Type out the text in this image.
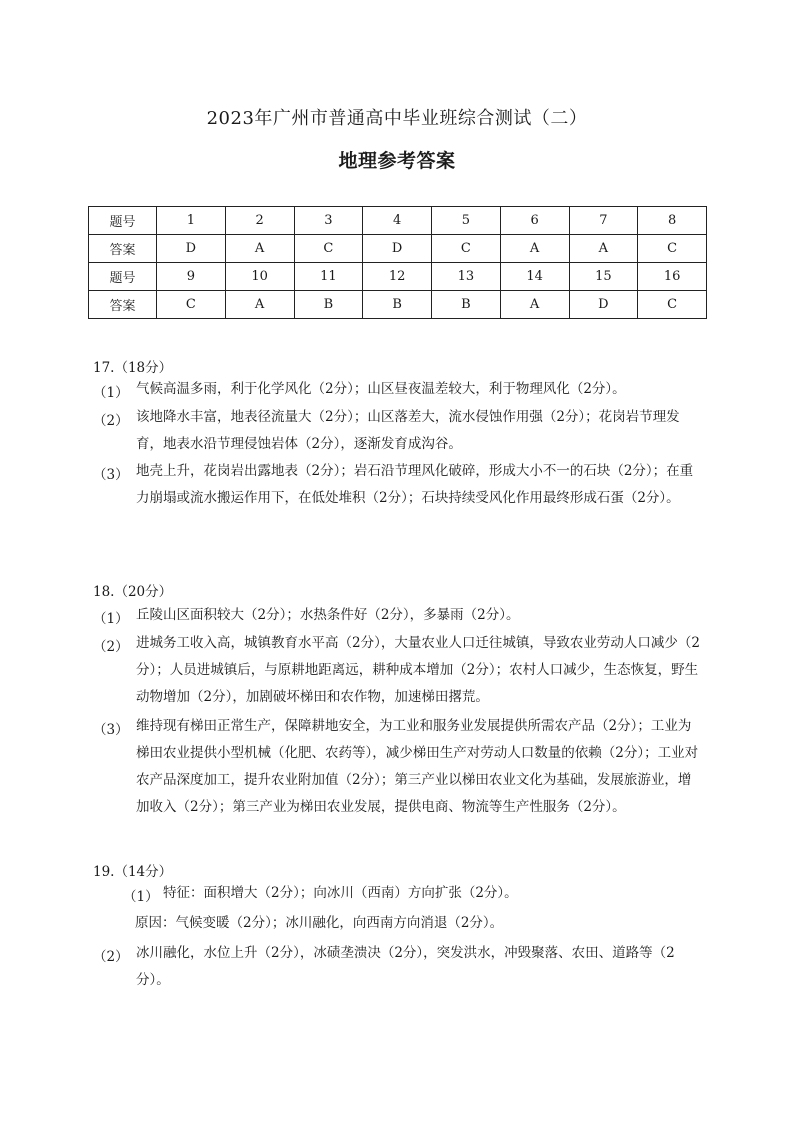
2023年广州市普通高中毕业班综合测试（二）
地理参考答案
题号	1	2	3	4	5	6	7	8
答案	D	A	C	D	C	A	A	C
题号	9	10	11	12	13	14	15	16
答案	C	A	B	B	B	A	D	C
17.（18分）
（1） 气候高温多雨，利于化学风化（2分）；山区昼夜温差较大，利于物理风化（2分）。
（2） 该地降水丰富，地表径流量大（2分）；山区落差大，流水侵蚀作用强（2分）；花岗岩节理发育，地表水沿节理侵蚀岩体（2分），逐渐发育成沟谷。
（3） 地壳上升，花岗岩出露地表（2分）；岩石沿节理风化破碎，形成大小不一的石块（2分）；在重力崩塌或流水搬运作用下，在低处堆积（2分）；石块持续受风化作用最终形成石蛋（2分）。
18.（20分）
（1） 丘陵山区面积较大（2分）；水热条件好（2分），多暴雨（2分）。
（2） 进城务工收入高，城镇教育水平高（2分），大量农业人口迁往城镇，导致农业劳动人口减少（2分）；人员进城镇后，与原耕地距离远，耕种成本增加（2分）；农村人口减少，生态恢复，野生动物增加（2分），加剧破坏梯田和农作物，加速梯田撂荒。
（3） 维持现有梯田正常生产，保障耕地安全，为工业和服务业发展提供所需农产品（2分）；工业为梯田农业提供小型机械（化肥、农药等），减少梯田生产对劳动人口数量的依赖（2分）；工业对农产品深度加工，提升农业附加值（2分）；第三产业以梯田农业文化为基础，发展旅游业，增加收入（2分）；第三产业为梯田农业发展，提供电商、物流等生产性服务（2分）。
19.（14分）
（1） 特征：面积增大（2分）；向冰川（西南）方向扩张（2分）。
原因：气候变暖（2分）；冰川融化，向西南方向消退（2分）。
（2） 冰川融化，水位上升（2分），冰碛垄溃决（2分），突发洪水，冲毁聚落、农田、道路等（2分）。
